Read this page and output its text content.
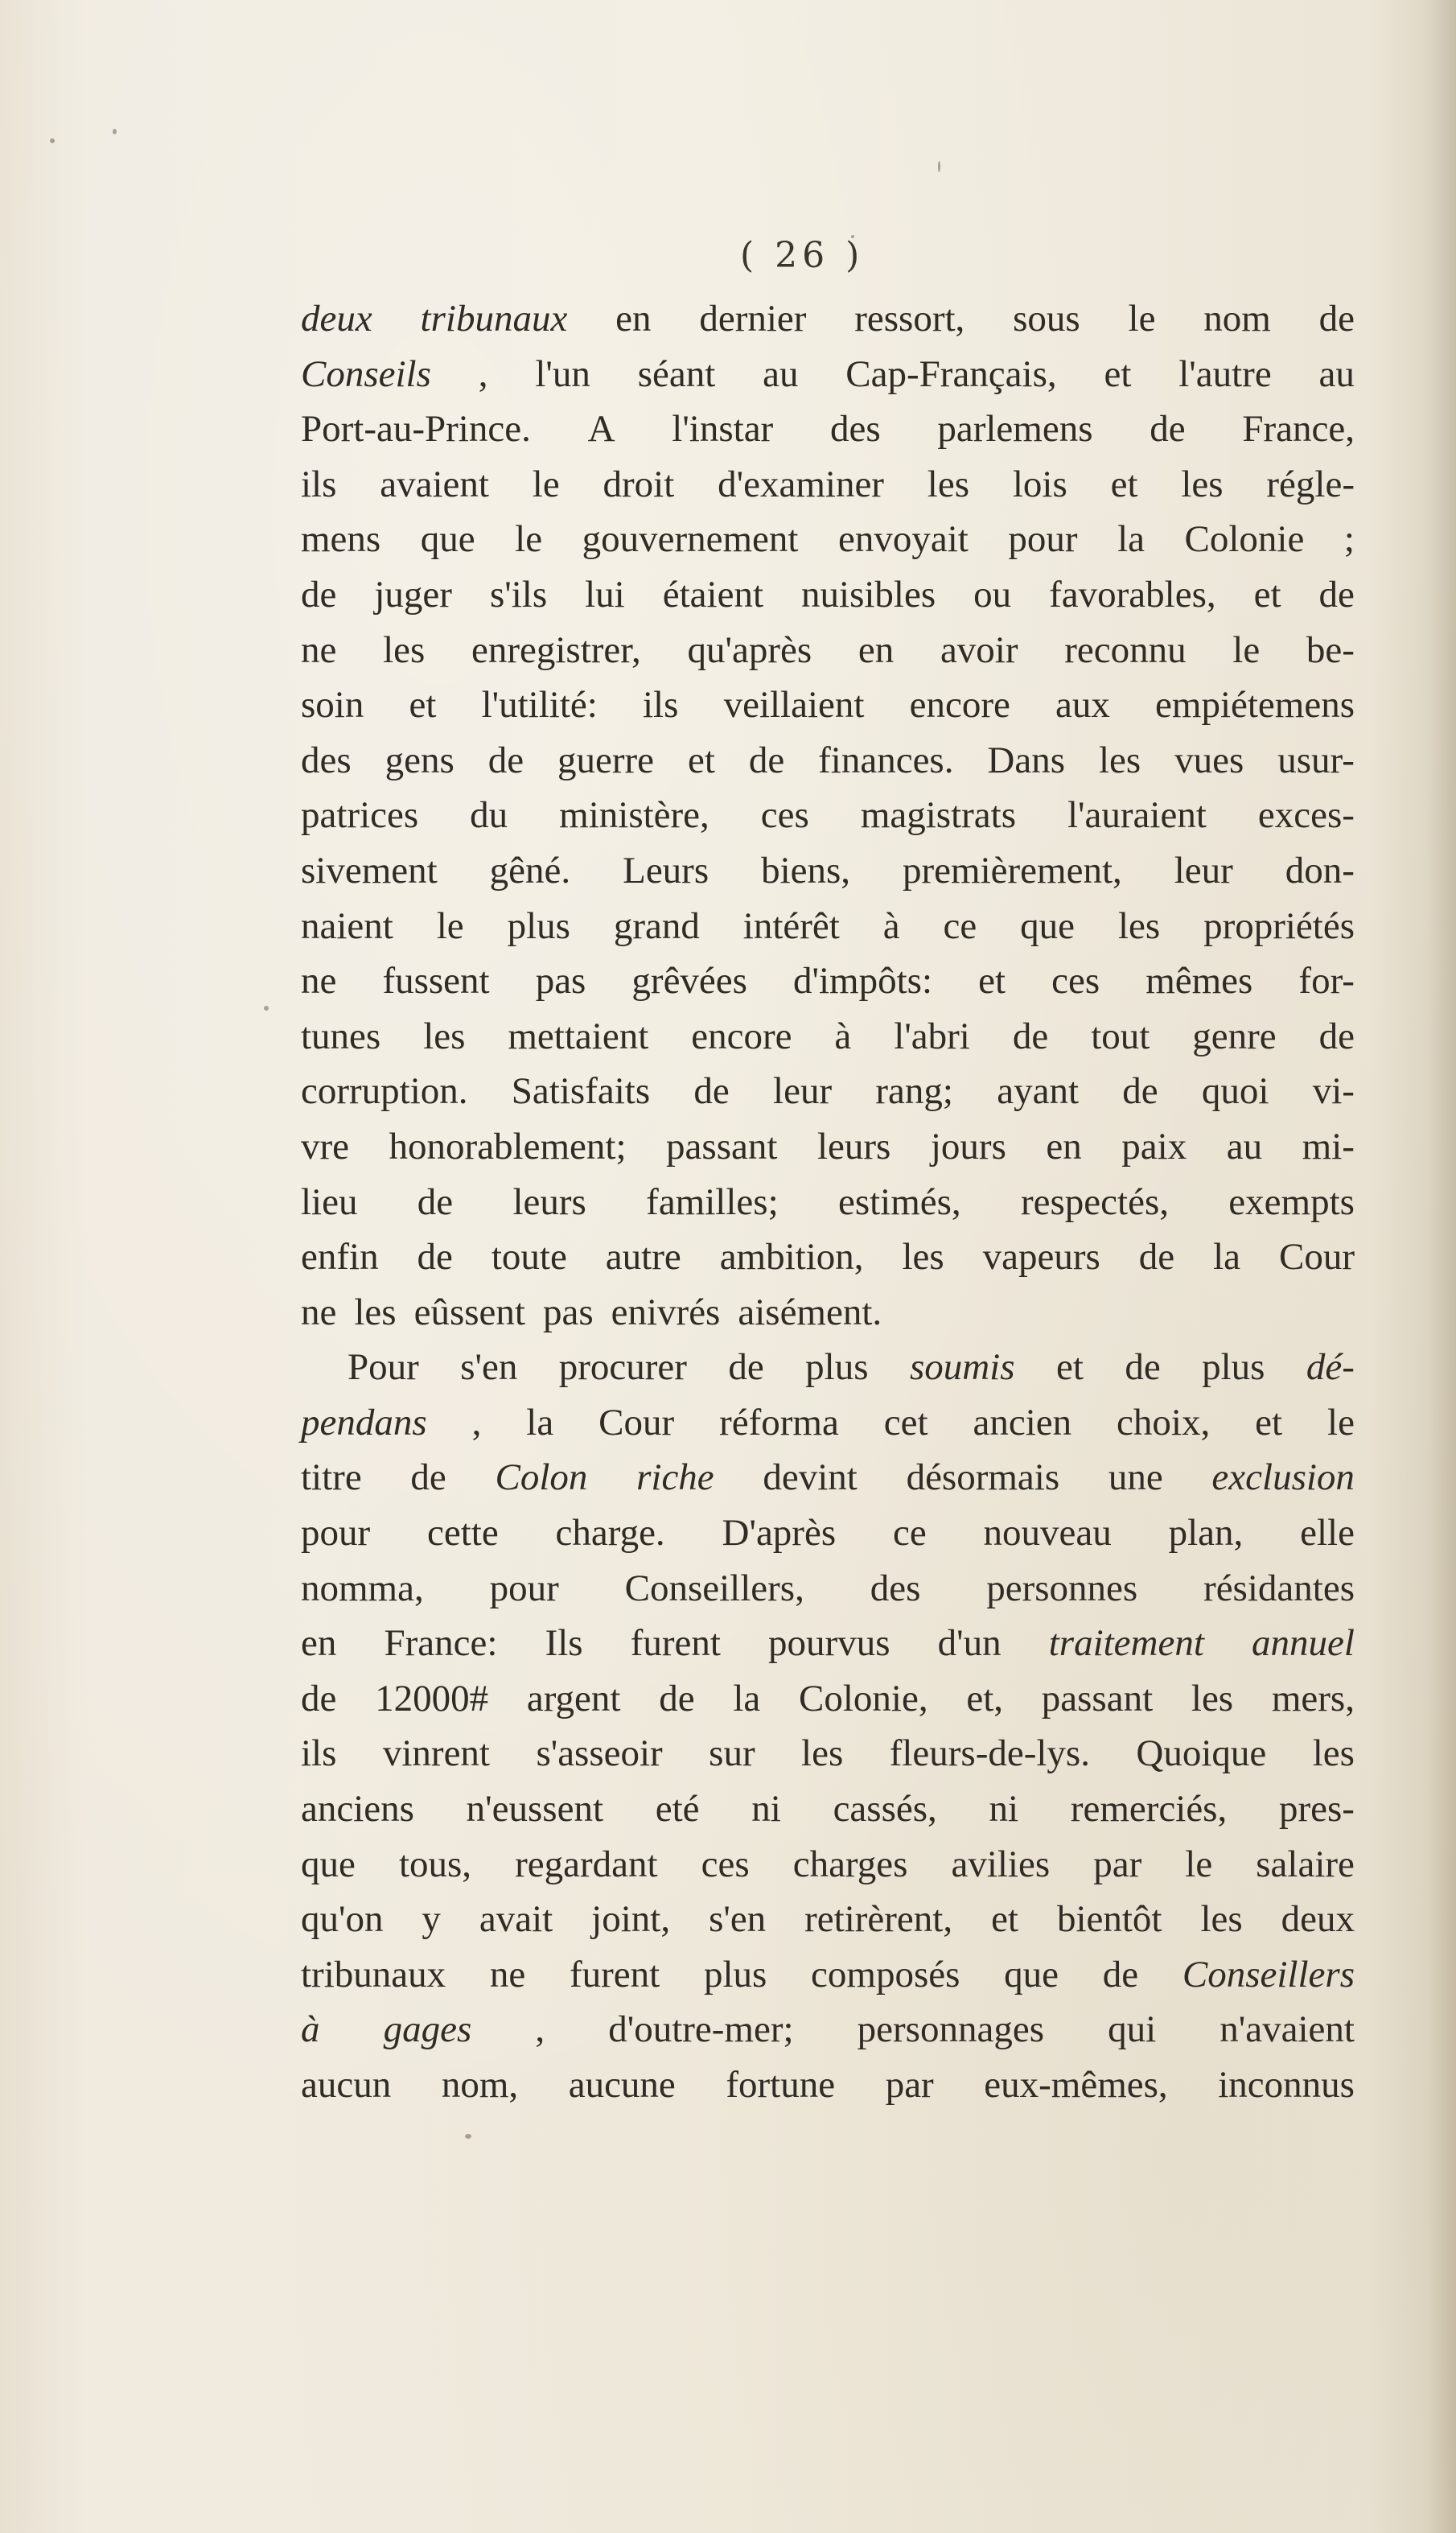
( 26 )
deux tribunaux en dernier ressort, sous le nom de
Conseils , l'un séant au Cap-Français, et l'autre au
Port-au-Prince. A l'instar des parlemens de France,
ils avaient le droit d'examiner les lois et les régle-
mens que le gouvernement envoyait pour la Colonie ;
de juger s'ils lui étaient nuisibles ou favorables, et de
ne les enregistrer, qu'après en avoir reconnu le be-
soin et l'utilité: ils veillaient encore aux empiétemens
des gens de guerre et de finances. Dans les vues usur-
patrices du ministère, ces magistrats l'auraient exces-
sivement gêné. Leurs biens, premièrement, leur don-
naient le plus grand intérêt à ce que les propriétés
ne fussent pas grêvées d'impôts: et ces mêmes for-
tunes les mettaient encore à l'abri de tout genre de
corruption. Satisfaits de leur rang; ayant de quoi vi-
vre honorablement; passant leurs jours en paix au mi-
lieu de leurs familles; estimés, respectés, exempts
enfin de toute autre ambition, les vapeurs de la Cour
ne les eûssent pas enivrés aisément.
Pour s'en procurer de plus soumis et de plus dé-
pendans , la Cour réforma cet ancien choix, et le
titre de Colon riche devint désormais une exclusion
pour cette charge. D'après ce nouveau plan, elle
nomma, pour Conseillers, des personnes résidantes
en France: Ils furent pourvus d'un traitement annuel
de 12000# argent de la Colonie, et, passant les mers,
ils vinrent s'asseoir sur les fleurs-de-lys. Quoique les
anciens n'eussent eté ni cassés, ni remerciés, pres-
que tous, regardant ces charges avilies par le salaire
qu'on y avait joint, s'en retirèrent, et bientôt les deux
tribunaux ne furent plus composés que de Conseillers
à gages , d'outre-mer; personnages qui n'avaient
aucun nom, aucune fortune par eux-mêmes, inconnus
